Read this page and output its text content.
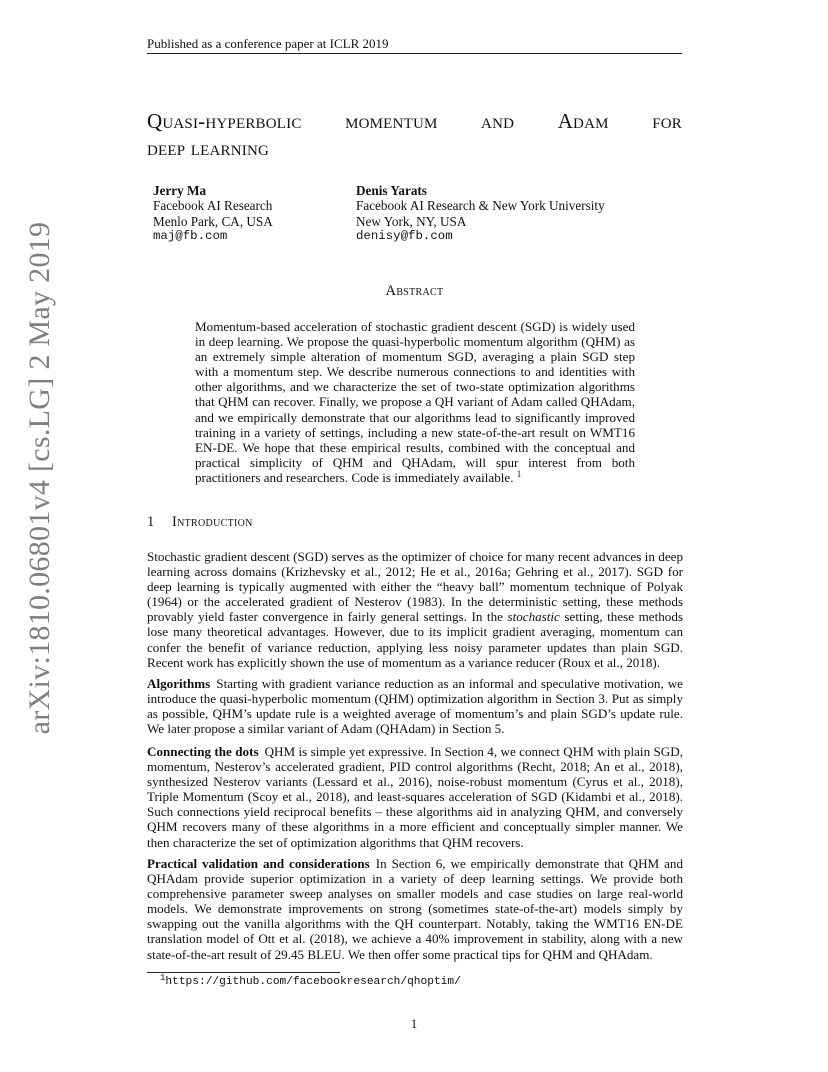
Published as a conference paper at ICLR 2019
Quasi-hyperbolic momentum and Adam for
deep learning
Jerry Ma
Facebook AI Research
Menlo Park, CA, USA
maj@fb.com
Denis Yarats
Facebook AI Research & New York University
New York, NY, USA
denisy@fb.com
Abstract
Momentum-based acceleration of stochastic gradient descent (SGD) is widely used in deep learning. We propose the quasi-hyperbolic momentum algorithm (QHM) as an extremely simple alteration of momentum SGD, averaging a plain SGD step with a momentum step. We describe numerous connections to and identities with other algorithms, and we characterize the set of two-state optimization algorithms that QHM can recover. Finally, we propose a QH variant of Adam called QHAdam, and we empirically demonstrate that our algorithms lead to significantly improved training in a variety of settings, including a new state-of-the-art result on WMT16 EN-DE. We hope that these empirical results, combined with the conceptual and practical simplicity of QHM and QHAdam, will spur interest from both practitioners and researchers. Code is immediately available. $^1$
1 Introduction
Stochastic gradient descent (SGD) serves as the optimizer of choice for many recent advances in deep learning across domains (Krizhevsky et al., 2012; He et al., 2016a; Gehring et al., 2017). SGD for deep learning is typically augmented with either the “heavy ball” momentum technique of Polyak (1964) or the accelerated gradient of Nesterov (1983). In the deterministic setting, these methods provably yield faster convergence in fairly general settings. In the stochastic setting, these methods lose many theoretical advantages. However, due to its implicit gradient averaging, momentum can confer the benefit of variance reduction, applying less noisy parameter updates than plain SGD. Recent work has explicitly shown the use of momentum as a variance reducer (Roux et al., 2018).
Algorithms Starting with gradient variance reduction as an informal and speculative motivation, we introduce the quasi-hyperbolic momentum (QHM) optimization algorithm in Section 3. Put as simply as possible, QHM’s update rule is a weighted average of momentum’s and plain SGD’s update rule. We later propose a similar variant of Adam (QHAdam) in Section 5.
Connecting the dots QHM is simple yet expressive. In Section 4, we connect QHM with plain SGD, momentum, Nesterov’s accelerated gradient, PID control algorithms (Recht, 2018; An et al., 2018), synthesized Nesterov variants (Lessard et al., 2016), noise-robust momentum (Cyrus et al., 2018), Triple Momentum (Scoy et al., 2018), and least-squares acceleration of SGD (Kidambi et al., 2018). Such connections yield reciprocal benefits – these algorithms aid in analyzing QHM, and conversely QHM recovers many of these algorithms in a more efficient and conceptually simpler manner. We then characterize the set of optimization algorithms that QHM recovers.
Practical validation and considerations In Section 6, we empirically demonstrate that QHM and QHAdam provide superior optimization in a variety of deep learning settings. We provide both comprehensive parameter sweep analyses on smaller models and case studies on large real-world models. We demonstrate improvements on strong (sometimes state-of-the-art) models simply by swapping out the vanilla algorithms with the QH counterpart. Notably, taking the WMT16 EN-DE translation model of Ott et al. (2018), we achieve a 40% improvement in stability, along with a new state-of-the-art result of 29.45 BLEU. We then offer some practical tips for QHM and QHAdam.
$^1$https://github.com/facebookresearch/qhoptim/
1
arXiv:1810.06801v4 [cs.LG] 2 May 2019
